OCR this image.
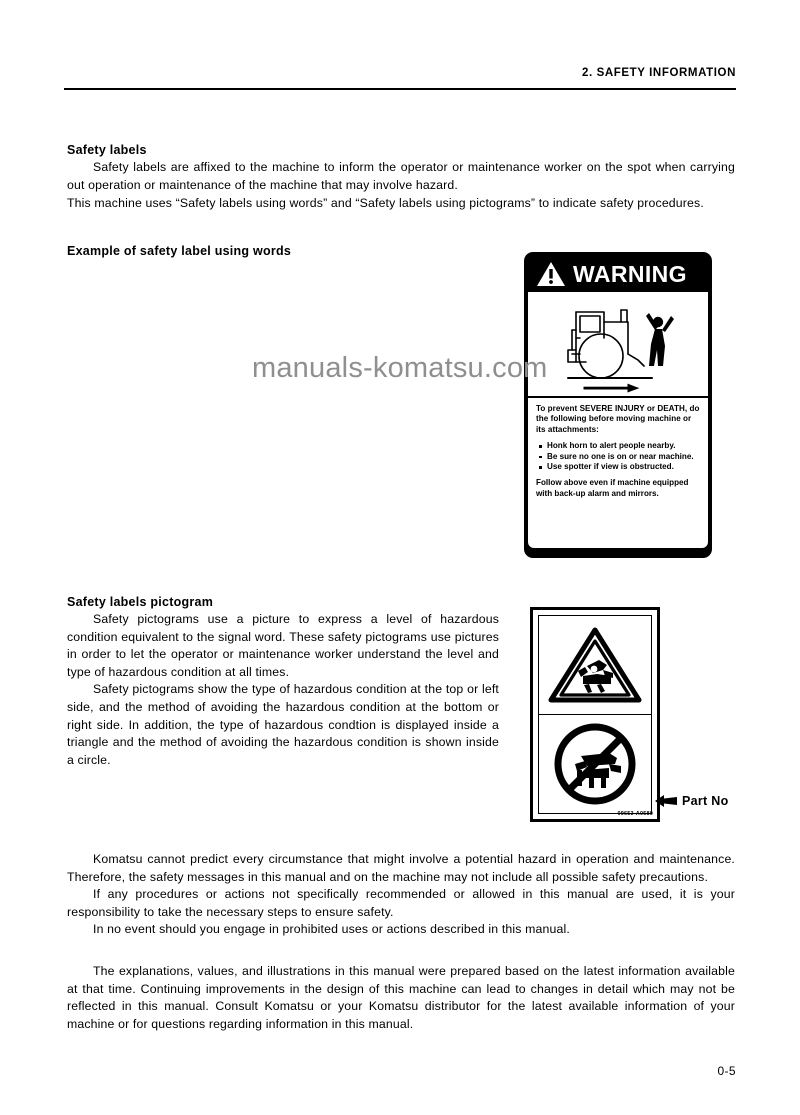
2. SAFETY INFORMATION

Safety labels

Safety labels are affixed to the machine to inform the operator or maintenance worker on the spot when carrying out operation or maintenance of the machine that may involve hazard.

This machine uses “Safety labels using words” and “Safety labels using pictograms” to indicate safety procedures.

Example of safety label using words

WARNING

To prevent SEVERE INJURY or DEATH, do the following before moving machine or its attachments:

Honk horn to alert people nearby.
Be sure no one is on or near machine.
Use spotter if view is obstructed.

Follow above even if machine equipped with back-up alarm and mirrors.

manuals-komatsu.com

Safety labels pictogram

Safety pictograms use a picture to express a level of hazardous condition equivalent to the signal word. These safety pictograms use pictures in order to let the operator or maintenance worker understand the level and type of hazardous condition at all times.

Safety pictograms show the type of hazardous condition at the top or left side, and the method of avoiding the hazardous condition at the bottom or right side. In addition, the type of hazardous condtion is displayed inside a triangle and the method of avoiding the hazardous condition is shown inside a circle.

09653-A0580
Part No

Komatsu cannot predict every circumstance that might involve a potential hazard in operation and maintenance. Therefore, the safety messages in this manual and on the machine may not include all possible safety precautions.

If any procedures or actions not specifically recommended or allowed in this manual are used, it is your responsibility to take the necessary steps to ensure safety.

In no event should you engage in prohibited uses or actions described in this manual.

The explanations, values, and illustrations in this manual were prepared based on the latest information available at that time. Continuing improvements in the design of this machine can lead to changes in detail which may not be reflected in this manual. Consult Komatsu or your Komatsu distributor for the latest available information of your machine or for questions regarding information in this manual.

0-5
